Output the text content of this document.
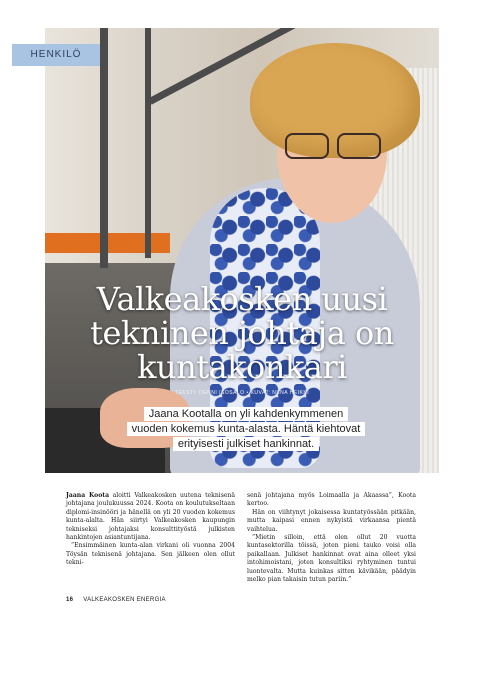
HENKILÖ
Valkeakosken uusi
tekninen johtaja on
kuntakonkari
TEKSTI: DENNI ISOSALO • KUVAT: NIINA HEIKKI
Jaana Kootalla on yli kahdenkymmenen
vuoden kokemus kunta-alasta. Häntä kiehtovat
erityisesti julkiset hankinnat.

Jaana Koota aloitti Valkeakosken uutena teknisenä johtajana joulukuussa 2024. Koota on koulutukseltaan diplomi-insinööri ja hänellä on yli 20 vuoden kokemus kunta-alalta. Hän siirtyi Valkeakosken kaupungin tekniseksi johtajaksi konsulttityöstä julkisten hankintojen asiantuntijana.

”Ensimmäinen kunta-alan virkani oli vuonna 2004 Töysän teknisenä johtajana. Sen jälkeen olen ollut tekni-

senä johtajana myös Loimaalla ja Akaassa”, Koota kertoo.

Hän on viihtynyt jokaisessa kuntatyössään pitkään, mutta kaipasi ennen nykyistä virkaansa pientä vaihtelua.

”Mietin silloin, että olen ollut 20 vuotta kuntasektorilla töissä, joten pieni tauko voisi olla paikallaan. Julkiset hankinnat ovat aina olleet yksi intohimoistani, joten konsultiksi ryhtyminen tuntui luontevalta. Mutta kuinkas sitten kävikään, päädyin melko pian takaisin tutun pariin.”

16 VALKEAKOSKEN ENERGIA
